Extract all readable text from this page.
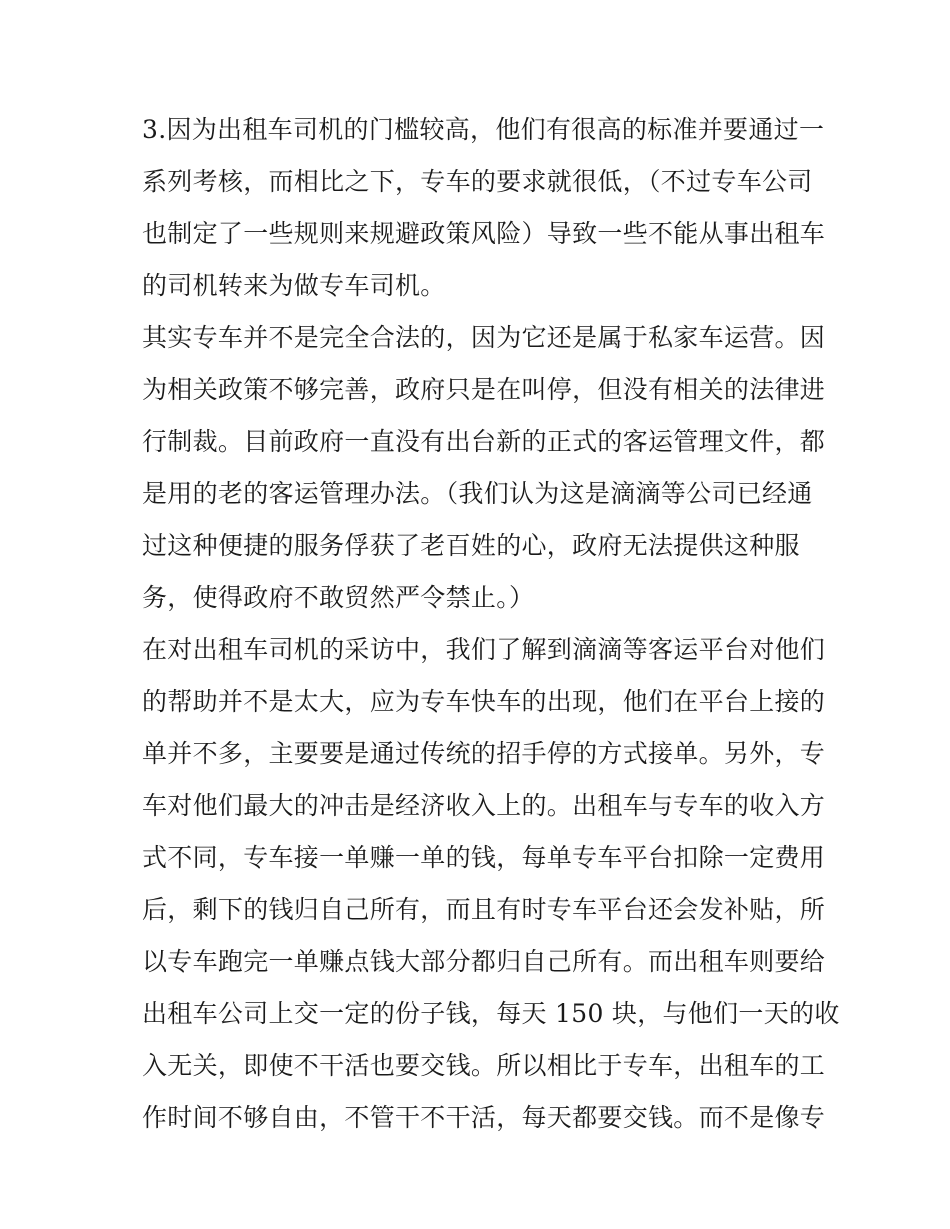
3.因为出租车司机的门槛较高，他们有很高的标准并要通过一
系列考核，而相比之下，专车的要求就很低，（不过专车公司
也制定了一些规则来规避政策风险）导致一些不能从事出租车
的司机转来为做专车司机。
其实专车并不是完全合法的，因为它还是属于私家车运营。因
为相关政策不够完善，政府只是在叫停，但没有相关的法律进
行制裁。目前政府一直没有出台新的正式的客运管理文件，都
是用的老的客运管理办法。（我们认为这是滴滴等公司已经通
过这种便捷的服务俘获了老百姓的心，政府无法提供这种服
务，使得政府不敢贸然严令禁止。）
在对出租车司机的采访中，我们了解到滴滴等客运平台对他们
的帮助并不是太大，应为专车快车的出现，他们在平台上接的
单并不多，主要要是通过传统的招手停的方式接单。另外，专
车对他们最大的冲击是经济收入上的。出租车与专车的收入方
式不同，专车接一单赚一单的钱，每单专车平台扣除一定费用
后，剩下的钱归自己所有，而且有时专车平台还会发补贴，所
以专车跑完一单赚点钱大部分都归自己所有。而出租车则要给
出租车公司上交一定的份子钱，每天 150 块，与他们一天的收
入无关，即使不干活也要交钱。所以相比于专车，出租车的工
作时间不够自由，不管干不干活，每天都要交钱。而不是像专
